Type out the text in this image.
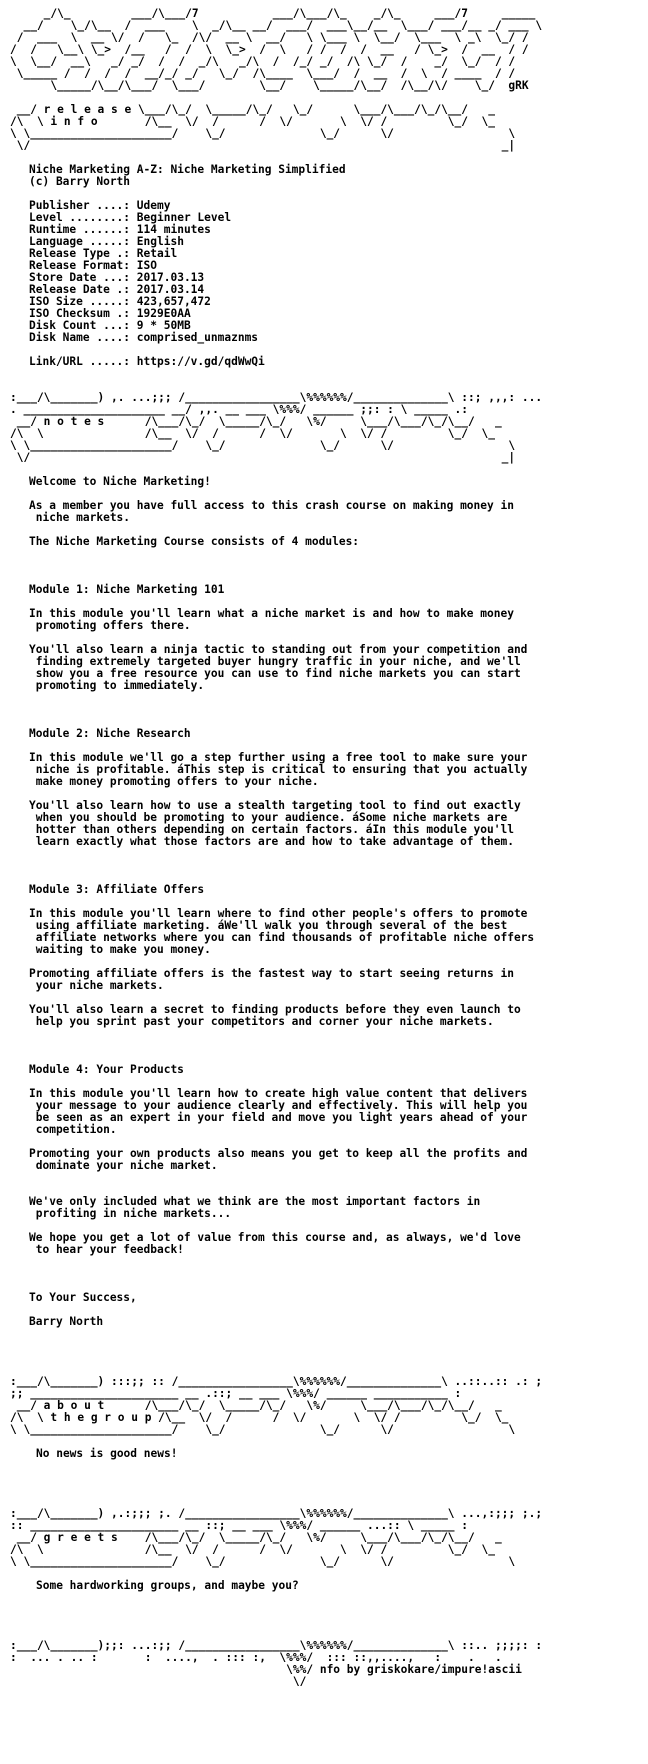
_/\_         ___/\___/7           ___/\___/\_    _/\_     ___/7     _____
__/    \_/\__  /  ___    \  _/\__ __/  ___/  ___\__/__  \___/ ___/__ _/ ___ \
/  ___  \  __ \/  /   \_  /\/  __ \  __/   \ \___ \  \__/  \___  \ _\  \_/ /
/  /   \__\ \_>  /__   /  /  \  \_>  /  \   / /  /  /  __   / \_>  /  __  / /
\  \__/  __\   _/ _/  /  /  _/\   _/\  /  /_/ _/  /\ \_/  /    _/  \_/  / /
\_____ /  /  /  /  __/_/ _/   \_/  /\____  \___/  /  __  /  \  / ____  / /
\_____/\__/\___/  \___/        \__/    \_____/\__/  /\__/\/    \_/  gRK
__/ r e l e a s e \___/\_/  \_____/\_/   \_/      \___/\___/\_/\__/   _
/\  \ i n f o       /\__  \/  /      /  \/       \  \/ /         \_/  \_
\ \_____________________/    \_/              \_/      \/                 \
\/                                                                      _|
Niche Marketing A-Z: Niche Marketing Simplified
(c) Barry North
Publisher ....: Udemy
Level ........: Beginner Level
Runtime ......: 114 minutes
Language .....: English
Release Type .: Retail
Release Format: ISO
Store Date ...: 2017.03.13
Release Date .: 2017.03.14
ISO Size .....: 423,657,472
ISO Checksum .: 1929E0AA
Disk Count ...: 9 * 50MB
Disk Name ....: comprised_unmaznms
Link/URL .....: https://v.gd/qdWwQi
:___/\_______) ,. ...;;; /_________________\%%%%%%/______________\ ::; ,,,: ...
. _____________________ __/ ,,. __ ___ \%%%/ ______ ;;: : \ _____ .:
__/ n o t e s      /\___/\_/  \_____/\_/   \%/     \___/\___/\_/\__/   _
/\  \               /\__  \/  /      /  \/       \  \/ /         \_/  \_
\ \_____________________/    \_/              \_/      \/                 \
\/                                                                      _|
Welcome to Niche Marketing!
As a member you have full access to this crash course on making money in
niche markets.
The Niche Marketing Course consists of 4 modules:
Module 1: Niche Marketing 101
In this module you'll learn what a niche market is and how to make money
promoting offers there.
You'll also learn a ninja tactic to standing out from your competition and
finding extremely targeted buyer hungry traffic in your niche, and we'll
show you a free resource you can use to find niche markets you can start
promoting to immediately.
Module 2: Niche Research
In this module we'll go a step further using a free tool to make sure your
niche is profitable. áThis step is critical to ensuring that you actually
make money promoting offers to your niche.
You'll also learn how to use a stealth targeting tool to find out exactly
when you should be promoting to your audience. áSome niche markets are
hotter than others depending on certain factors. áIn this module you'll
learn exactly what those factors are and how to take advantage of them.
Module 3: Affiliate Offers
In this module you'll learn where to find other people's offers to promote
using affiliate marketing. áWe'll walk you through several of the best
affiliate networks where you can find thousands of profitable niche offers
waiting to make you money.
Promoting affiliate offers is the fastest way to start seeing returns in
your niche markets.
You'll also learn a secret to finding products before they even launch to
help you sprint past your competitors and corner your niche markets.
Module 4: Your Products
In this module you'll learn how to create high value content that delivers
your message to your audience clearly and effectively. This will help you
be seen as an expert in your field and move you light years ahead of your
competition.
Promoting your own products also means you get to keep all the profits and
dominate your niche market.
We've only included what we think are the most important factors in
profiting in niche markets...
We hope you get a lot of value from this course and, as always, we'd love
to hear your feedback!
To Your Success,
Barry North
:___/\_______) :::;; :: /_________________\%%%%%%/______________\ ..::..:: .: ;
;; ______________________ __ .::; __ ___ \%%%/ ______ ___________ :
__/ a b o u t      /\___/\_/  \_____/\_/   \%/     \___/\___/\_/\__/   _
/\  \ t h e g r o u p /\__  \/  /      /  \/       \  \/ /         \_/  \_
\ \_____________________/    \_/              \_/      \/                 \
No news is good news!
:___/\_______) ,.:;;; ;. /_________________\%%%%%%/______________\ ...,:;;; ;.;
:: ______________________ __ ::; __ ___ \%%%/ ______ ...:: \ _____ :
__/ g r e e t s    /\___/\_/  \_____/\_/   \%/     \___/\___/\_/\__/   _
/\  \               /\__  \/  /      /  \/       \  \/ /         \_/  \_
\ \_____________________/    \_/              \_/      \/                 \
Some hardworking groups, and maybe you?
:___/\_______);;: ...:;; /_________________\%%%%%%/______________\ ::.. ;;;;: :
:  ... . .. :       :  ....,  . ::: :,  \%%%/  ::: ::,,....,   :    .   .
\%%/ nfo by griskokare/impure!ascii
\/
